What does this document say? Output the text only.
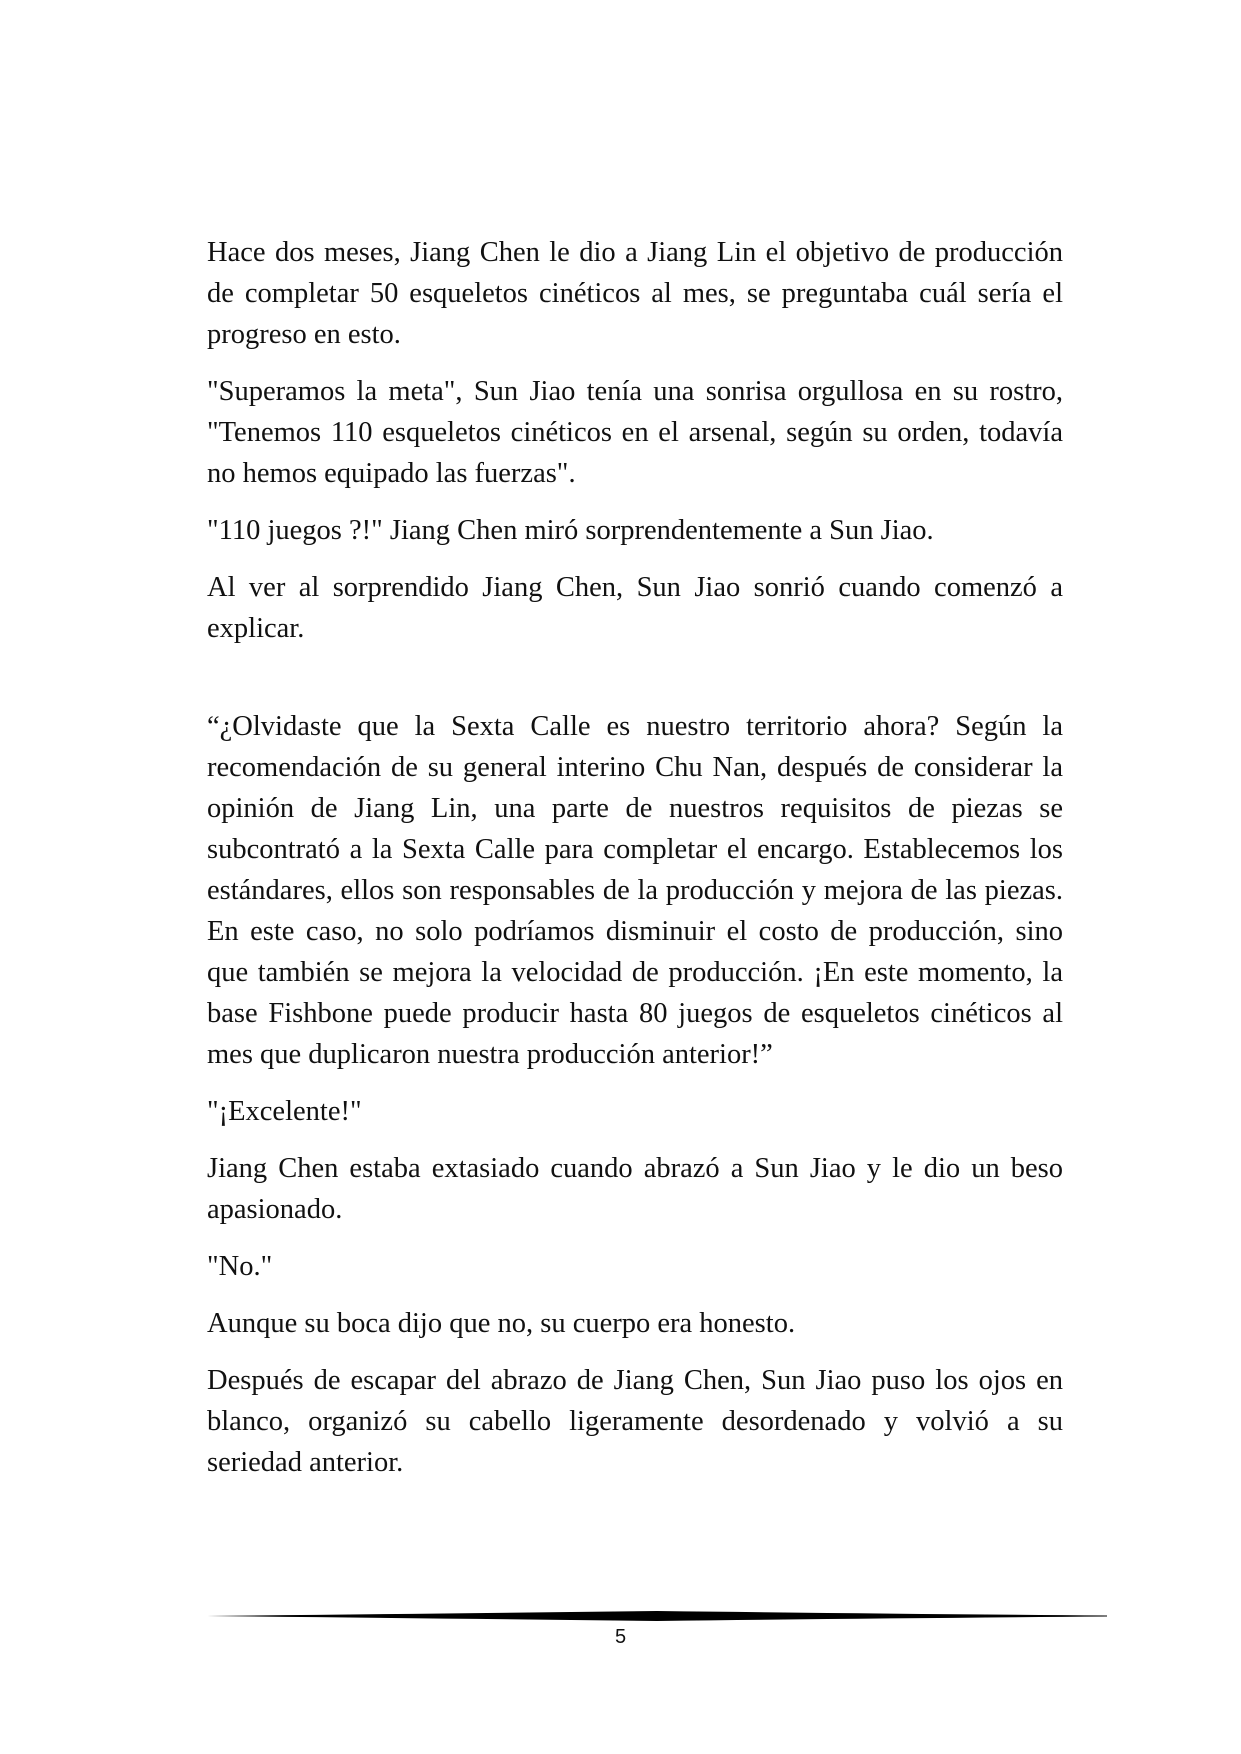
Hace dos meses, Jiang Chen le dio a Jiang Lin el objetivo de producción de completar 50 esqueletos cinéticos al mes, se preguntaba cuál sería el progreso en esto.

"Superamos la meta", Sun Jiao tenía una sonrisa orgullosa en su rostro, "Tenemos 110 esqueletos cinéticos en el arsenal, según su orden, todavía no hemos equipado las fuerzas".

"110 juegos ?!" Jiang Chen miró sorprendentemente a Sun Jiao.

Al ver al sorprendido Jiang Chen, Sun Jiao sonrió cuando comenzó a explicar.

“¿Olvidaste que la Sexta Calle es nuestro territorio ahora? Según la recomendación de su general interino Chu Nan, después de considerar la opinión de Jiang Lin, una parte de nuestros requisitos de piezas se subcontrató a la Sexta Calle para completar el encargo. Establecemos los estándares, ellos son responsables de la producción y mejora de las piezas. En este caso, no solo podríamos disminuir el costo de producción, sino que también se mejora la velocidad de producción. ¡En este momento, la base Fishbone puede producir hasta 80 juegos de esqueletos cinéticos al mes que duplicaron nuestra producción anterior!”

"¡Excelente!"

Jiang Chen estaba extasiado cuando abrazó a Sun Jiao y le dio un beso apasionado.

"No."

Aunque su boca dijo que no, su cuerpo era honesto.

Después de escapar del abrazo de Jiang Chen, Sun Jiao puso los ojos en blanco, organizó su cabello ligeramente desordenado y volvió a su seriedad anterior.

5
